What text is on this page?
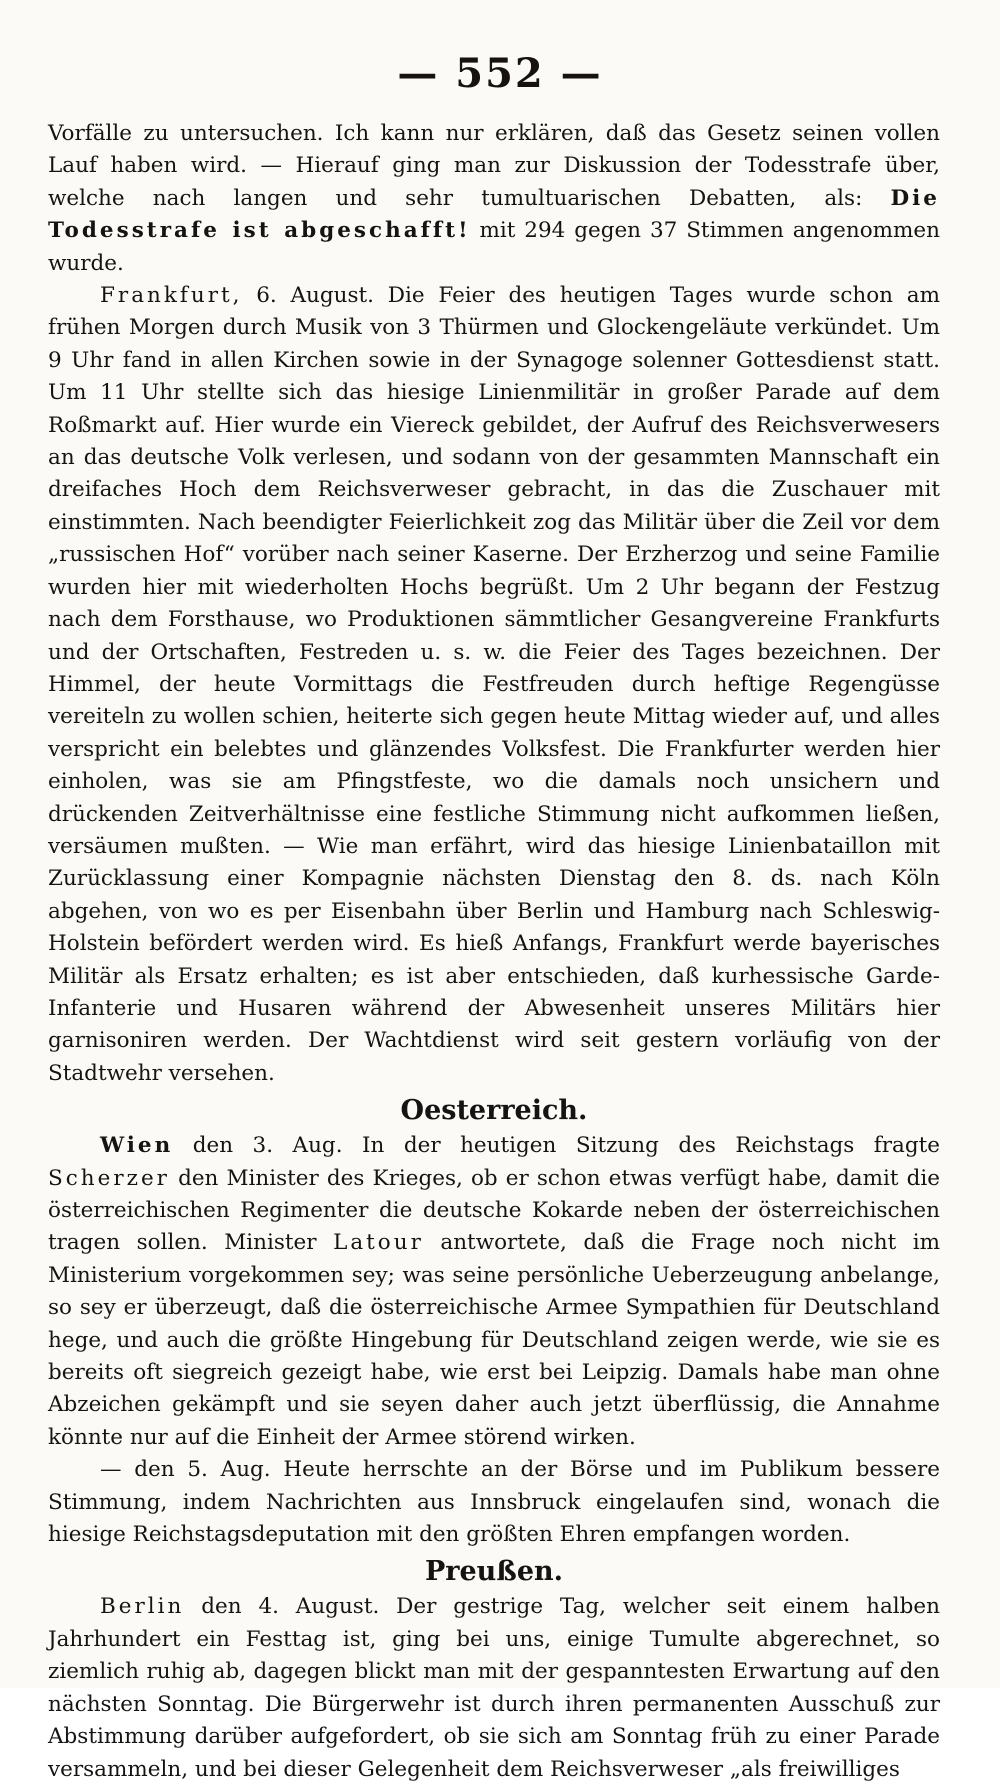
— 552 —

Vorfälle zu untersuchen. Ich kann nur erklären, daß das Gesetz seinen vollen Lauf haben wird. — Hierauf ging man zur Diskussion der Todesstrafe über, welche nach langen und sehr tumultuarischen Debatten, als: Die Todesstrafe ist abgeschafft! mit 294 gegen 37 Stimmen angenommen wurde.

Frankfurt, 6. August. Die Feier des heutigen Tages wurde schon am frühen Morgen durch Musik von 3 Thürmen und Glockengeläute verkündet. Um 9 Uhr fand in allen Kirchen sowie in der Synagoge solenner Gottesdienst statt. Um 11 Uhr stellte sich das hiesige Linienmilitär in großer Parade auf dem Roßmarkt auf. Hier wurde ein Viereck gebildet, der Aufruf des Reichsverwesers an das deutsche Volk verlesen, und sodann von der gesammten Mannschaft ein dreifaches Hoch dem Reichsverweser gebracht, in das die Zuschauer mit einstimmten. Nach beendigter Feierlichkeit zog das Militär über die Zeil vor dem „russischen Hof“ vorüber nach seiner Kaserne. Der Erzherzog und seine Familie wurden hier mit wiederholten Hochs begrüßt. Um 2 Uhr begann der Festzug nach dem Forsthause, wo Produktionen sämmtlicher Gesangvereine Frankfurts und der Ortschaften, Festreden u. s. w. die Feier des Tages bezeichnen. Der Himmel, der heute Vormittags die Festfreuden durch heftige Regengüsse vereiteln zu wollen schien, heiterte sich gegen heute Mittag wieder auf, und alles verspricht ein belebtes und glänzendes Volksfest. Die Frankfurter werden hier einholen, was sie am Pfingstfeste, wo die damals noch unsichern und drückenden Zeitverhältnisse eine festliche Stimmung nicht aufkommen ließen, versäumen mußten. — Wie man erfährt, wird das hiesige Linienbataillon mit Zurücklassung einer Kompagnie nächsten Dienstag den 8. ds. nach Köln abgehen, von wo es per Eisenbahn über Berlin und Hamburg nach Schleswig-Holstein befördert werden wird. Es hieß Anfangs, Frankfurt werde bayerisches Militär als Ersatz erhalten; es ist aber entschieden, daß kurhessische Garde-Infanterie und Husaren während der Abwesenheit unseres Militärs hier garnisoniren werden. Der Wachtdienst wird seit gestern vorläufig von der Stadtwehr versehen.

Oesterreich.

Wien den 3. Aug. In der heutigen Sitzung des Reichstags fragte Scherzer den Minister des Krieges, ob er schon etwas verfügt habe, damit die österreichischen Regimenter die deutsche Kokarde neben der österreichischen tragen sollen. Minister Latour antwortete, daß die Frage noch nicht im Ministerium vorgekommen sey; was seine persönliche Ueberzeugung anbelange, so sey er überzeugt, daß die österreichische Armee Sympathien für Deutschland hege, und auch die größte Hingebung für Deutschland zeigen werde, wie sie es bereits oft siegreich gezeigt habe, wie erst bei Leipzig. Damals habe man ohne Abzeichen gekämpft und sie seyen daher auch jetzt überflüssig, die Annahme könnte nur auf die Einheit der Armee störend wirken.

— den 5. Aug. Heute herrschte an der Börse und im Publikum bessere Stimmung, indem Nachrichten aus Innsbruck eingelaufen sind, wonach die hiesige Reichstagsdeputation mit den größten Ehren empfangen worden.

Preußen.

Berlin den 4. August. Der gestrige Tag, welcher seit einem halben Jahrhundert ein Festtag ist, ging bei uns, einige Tumulte abgerechnet, so ziemlich ruhig ab, dagegen blickt man mit der gespanntesten Erwartung auf den nächsten Sonntag. Die Bürgerwehr ist durch ihren permanenten Ausschuß zur Abstimmung darüber aufgefordert, ob sie sich am Sonntag früh zu einer Parade versammeln, und bei dieser Gelegenheit dem Reichsverweser „als freiwilliges
